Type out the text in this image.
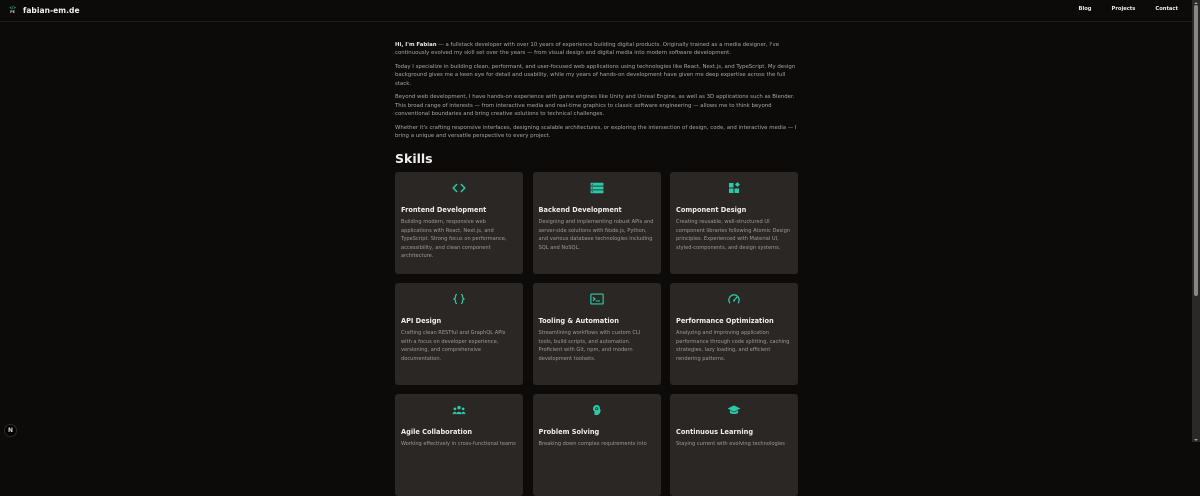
</>
FE fabian-em.de	Blog	Projects	Contact

Hi, I'm Fabian — a fullstack developer with over 10 years of experience building digital products. Originally trained as a media designer, I've continuously evolved my skill set over the years — from visual design and digital media into modern software development.

Today I specialize in building clean, performant, and user-focused web applications using technologies like React, Next.js, and TypeScript. My design background gives me a keen eye for detail and usability, while my years of hands-on development have given me deep expertise across the full stack.

Beyond web development, I have hands-on experience with game engines like Unity and Unreal Engine, as well as 3D applications such as Blender. This broad range of interests — from interactive media and real-time graphics to classic software engineering — allows me to think beyond conventional boundaries and bring creative solutions to technical challenges.

Whether it's crafting responsive interfaces, designing scalable architectures, or exploring the intersection of design, code, and interactive media — I bring a unique and versatile perspective to every project.

Skills
Frontend Development

Building modern, responsive web applications with React, Next.js, and TypeScript. Strong focus on performance, accessibility, and clean component architecture.

Backend Development

Designing and implementing robust APIs and server-side solutions with Node.js, Python, and various database technologies including SQL and NoSQL.

Component Design

Creating reusable, well-structured UI component libraries following Atomic Design principles. Experienced with Material UI, styled-components, and design systems.

API Design

Crafting clean RESTful and GraphQL APIs with a focus on developer experience, versioning, and comprehensive documentation.

Tooling & Automation

Streamlining workflows with custom CLI tools, build scripts, and automation. Proficient with Git, npm, and modern development toolsets.

Performance Optimization

Analyzing and improving application performance through code splitting, caching strategies, lazy loading, and efficient rendering patterns.

Agile Collaboration

Working effectively in cross-functional teams

Problem Solving

Breaking down complex requirements into

Continuous Learning

Staying current with evolving technologies

N
